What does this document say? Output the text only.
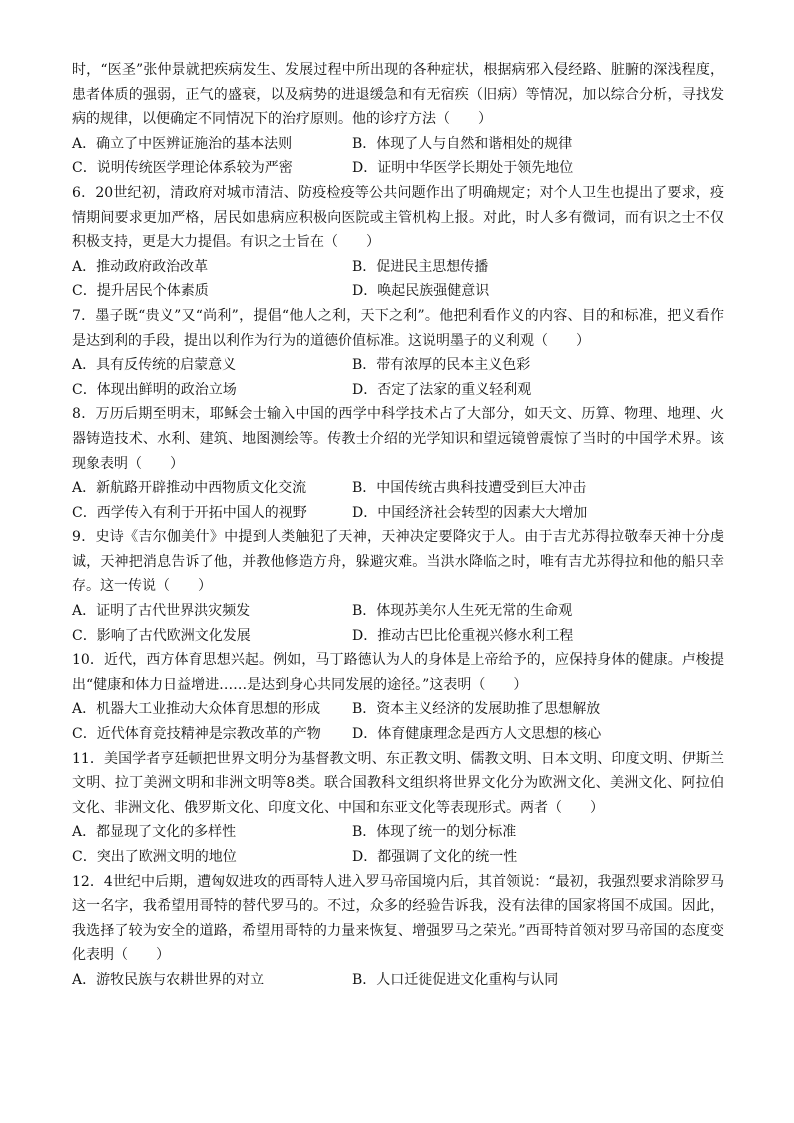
时，“医圣”张仲景就把疾病发生、发展过程中所出现的各种症状，根据病邪入侵经路、脏腑的深浅程度，患者体质的强弱，正气的盛衰，以及病势的进退缓急和有无宿疾（旧病）等情况，加以综合分析，寻找发病的规律，以便确定不同情况下的治疗原则。他的诊疗方法（　　）

A．确立了中医辨证施治的基本法则	B．体现了人与自然和谐相处的规律
C．说明传统医学理论体系较为严密	D．证明中华医学长期处于领先地位

6．20世纪初，清政府对城市清洁、防疫检疫等公共问题作出了明确规定；对个人卫生也提出了要求，疫情期间要求更加严格，居民如患病应积极向医院或主管机构上报。对此，时人多有微词，而有识之士不仅积极支持，更是大力提倡。有识之士旨在（　　）

A．推动政府政治改革	B．促进民主思想传播
C．提升居民个体素质	D．唤起民族强健意识

7．墨子既“贵义”又“尚利”，提倡“他人之利，天下之利”。他把利看作义的内容、目的和标准，把义看作是达到利的手段，提出以利作为行为的道德价值标准。这说明墨子的义利观（　　）

A．具有反传统的启蒙意义	B．带有浓厚的民本主义色彩
C．体现出鲜明的政治立场	D．否定了法家的重义轻利观

8．万历后期至明末，耶稣会士输入中国的西学中科学技术占了大部分，如天文、历算、物理、地理、火器铸造技术、水利、建筑、地图测绘等。传教士介绍的光学知识和望远镜曾震惊了当时的中国学术界。该现象表明（　　）

A．新航路开辟推动中西物质文化交流	B．中国传统古典科技遭受到巨大冲击
C．西学传入有利于开拓中国人的视野	D．中国经济社会转型的因素大大增加

9．史诗《吉尔伽美什》中提到人类触犯了天神，天神决定要降灾于人。由于吉尤苏得拉敬奉天神十分虔诚，天神把消息告诉了他，并教他修造方舟，躲避灾难。当洪水降临之时，唯有吉尤苏得拉和他的船只幸存。这一传说（　　）

A．证明了古代世界洪灾频发	B．体现苏美尔人生死无常的生命观
C．影响了古代欧洲文化发展	D．推动古巴比伦重视兴修水利工程

10．近代，西方体育思想兴起。例如，马丁路德认为人的身体是上帝给予的，应保持身体的健康。卢梭提出“健康和体力日益增进……是达到身心共同发展的途径。”这表明（　　）

A．机器大工业推动大众体育思想的形成	B．资本主义经济的发展助推了思想解放
C．近代体育竞技精神是宗教改革的产物	D．体育健康理念是西方人文思想的核心

11．美国学者亨廷顿把世界文明分为基督教文明、东正教文明、儒教文明、日本文明、印度文明、伊斯兰文明、拉丁美洲文明和非洲文明等8类。联合国教科文组织将世界文化分为欧洲文化、美洲文化、阿拉伯文化、非洲文化、俄罗斯文化、印度文化、中国和东亚文化等表现形式。两者（　　）

A．都显现了文化的多样性	B．体现了统一的划分标准
C．突出了欧洲文明的地位	D．都强调了文化的统一性

12．4世纪中后期，遭匈奴进攻的西哥特人进入罗马帝国境内后，其首领说：“最初，我强烈要求消除罗马这一名字，我希望用哥特的替代罗马的。不过，众多的经验告诉我，没有法律的国家将国不成国。因此，我选择了较为安全的道路，希望用哥特的力量来恢复、增强罗马之荣光。”西哥特首领对罗马帝国的态度变化表明（　　）

A．游牧民族与农耕世界的对立	B．人口迁徙促进文化重构与认同
